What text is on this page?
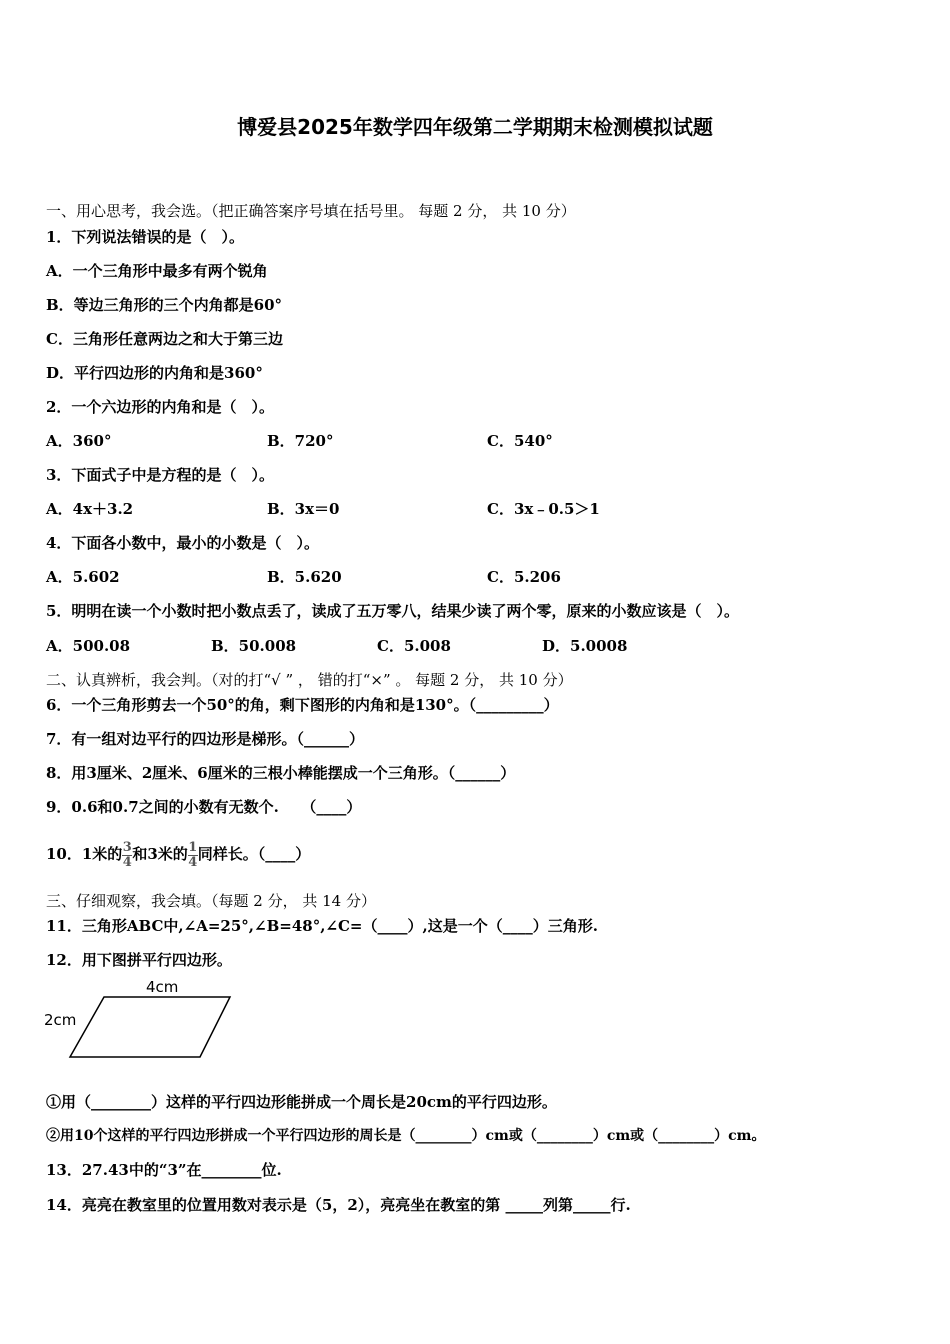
博爱县2025年数学四年级第二学期期末检测模拟试题
一、用心思考，我会选。（把正确答案序号填在括号里。 每题 2 分， 共 10 分）
1．下列说法错误的是（　）。
A．一个三角形中最多有两个锐角
B．等边三角形的三个内角都是60°
C．三角形任意两边之和大于第三边
D．平行四边形的内角和是360°
2．一个六边形的内角和是（　）。
A．360°	B．720°	C．540°
3．下面式子中是方程的是（　）。
A．4x＋3.2	B．3x＝0	C．3x﹣0.5＞1
4．下面各小数中，最小的小数是（　）。
A．5.602	B．5.620	C．5.206
5．明明在读一个小数时把小数点丢了，读成了五万零八，结果少读了两个零，原来的小数应该是（　）。
A．500.08	B．50.008	C．5.008	D．5.0008
二、认真辨析，我会判。（对的打“√ ” ， 错的打“×” 。 每题 2 分， 共 10 分）
6．一个三角形剪去一个50°的角，剩下图形的内角和是130°。（_________）
7．有一组对边平行的四边形是梯形。（______）
8．用3厘米、2厘米、6厘米的三根小棒能摆成一个三角形。（______）
9．0.6和0.7之间的小数有无数个.　　（____）
10．1米的 $\frac{3}{4}$ 和3米的 $\frac{1}{4}$ 同样长。（____）
三、仔细观察，我会填。（每题 2 分， 共 14 分）
11．三角形ABC中,∠A=25°,∠B=48°,∠C=（____）,这是一个（____）三角形.
12．用下图拼平行四边形。
4cm
2cm
①用（________）这样的平行四边形能拼成一个周长是20cm的平行四边形。
②用10个这样的平行四边形拼成一个平行四边形的周长是（________）cm或（________）cm或（________）cm。
13．27.43中的“3”在________位.
14．亮亮在教室里的位置用数对表示是（5，2），亮亮坐在教室的第 _____列第_____行.
